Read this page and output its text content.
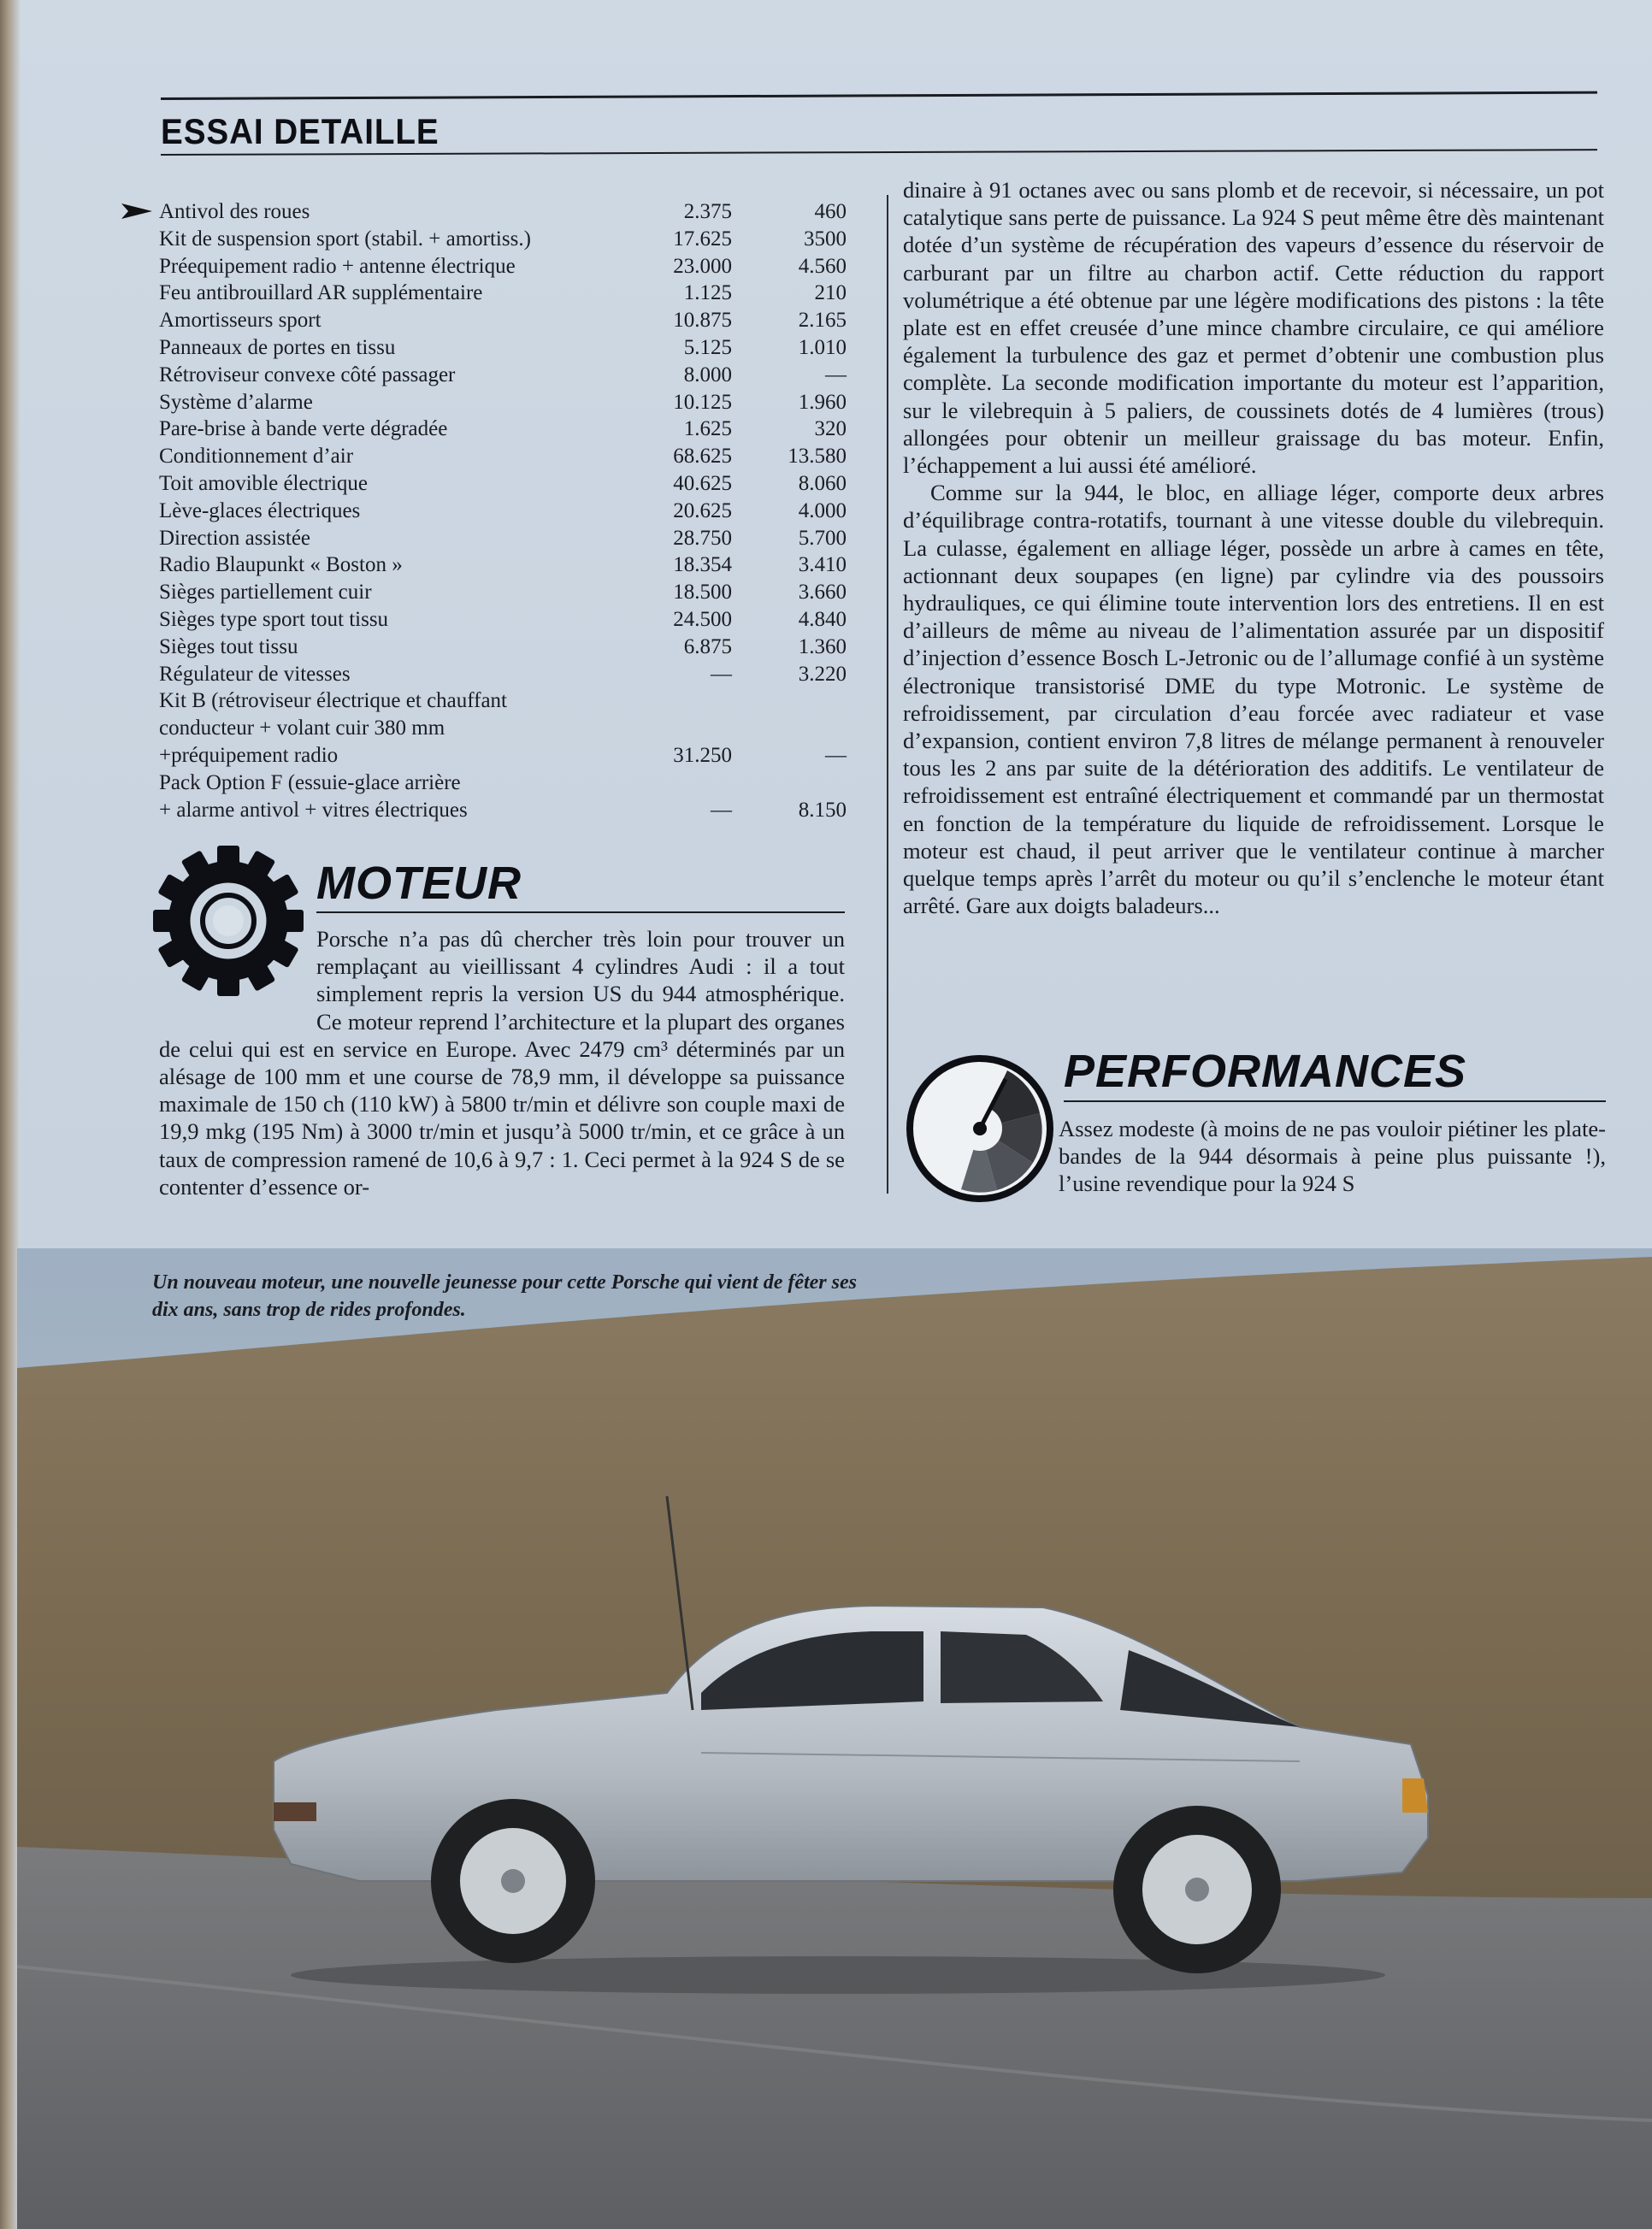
ESSAI DETAILLE
Antivol des roues	2.375	460
Kit de suspension sport (stabil. + amortiss.)	17.625	3500
Préequipement radio + antenne électrique	23.000	4.560
Feu antibrouillard AR supplémentaire	1.125	210
Amortisseurs sport	10.875	2.165
Panneaux de portes en tissu	5.125	1.010
Rétroviseur convexe côté passager	8.000	—
Système d’alarme	10.125	1.960
Pare-brise à bande verte dégradée	1.625	320
Conditionnement d’air	68.625	13.580
Toit amovible électrique	40.625	8.060
Lève-glaces électriques	20.625	4.000
Direction assistée	28.750	5.700
Radio Blaupunkt « Boston »	18.354	3.410
Sièges partiellement cuir	18.500	3.660
Sièges type sport tout tissu	24.500	4.840
Sièges tout tissu	6.875	1.360
Régulateur de vitesses	—	3.220
Kit B (rétroviseur électrique et chauffant
conducteur + volant cuir 380 mm
+préquipement radio	31.250	—
Pack Option F (essuie-glace arrière
+ alarme antivol + vitres électriques	—	8.150

dinaire à 91 octanes avec ou sans plomb et de recevoir, si nécessaire, un pot catalytique sans perte de puissance. La 924 S peut même être dès maintenant dotée d’un système de récupération des vapeurs d’essence du réservoir de carburant par un filtre au charbon actif. Cette réduction du rapport volumétrique a été obtenue par une légère modifications des pistons : la tête plate est en effet creusée d’une mince chambre circulaire, ce qui améliore également la turbulence des gaz et permet d’obtenir une combustion plus complète. La seconde modification importante du moteur est l’apparition, sur le vilebrequin à 5 paliers, de coussinets dotés de 4 lumières (trous) allongées pour obtenir un meilleur graissage du bas moteur. Enfin, l’échappement a lui aussi été amélioré.

Comme sur la 944, le bloc, en alliage léger, comporte deux arbres d’équilibrage contra-rotatifs, tournant à une vitesse double du vilebrequin. La culasse, également en alliage léger, possède un arbre à cames en tête, actionnant deux soupapes (en ligne) par cylindre via des poussoirs hydrauliques, ce qui élimine toute intervention lors des entretiens. Il en est d’ailleurs de même au niveau de l’alimentation assurée par un dispositif d’injection d’essence Bosch L-Jetronic ou de l’allumage confié à un système électronique transistorisé DME du type Motronic. Le système de refroidissement, par circulation d’eau forcée avec radiateur et vase d’expansion, contient environ 7,8 litres de mélange permanent à renouveler tous les 2 ans par suite de la détérioration des additifs. Le ventilateur de refroidissement est entraîné électriquement et commandé par un thermostat en fonction de la température du liquide de refroidissement. Lorsque le moteur est chaud, il peut arriver que le ventilateur continue à marcher quelque temps après l’arrêt du moteur ou qu’il s’enclenche le moteur étant arrêté. Gare aux doigts baladeurs...

MOTEUR

Porsche n’a pas dû chercher très loin pour trouver un remplaçant au vieillissant 4 cylindres Audi : il a tout simplement repris la version US du 944 atmosphérique. Ce moteur reprend l’architecture et la plupart des organes de celui qui est en service en Europe. Avec 2479 cm³ déterminés par un alésage de 100 mm et une course de 78,9 mm, il développe sa puissance maximale de 150 ch (110 kW) à 5800 tr/min et délivre son couple maxi de 19,9 mkg (195 Nm) à 3000 tr/min et jusqu’à 5000 tr/min, et ce grâce à un taux de compression ramené de 10,6 à 9,7 : 1. Ceci permet à la 924 S de se contenter d’essence or-

PERFORMANCES

Assez modeste (à moins de ne pas vouloir piétiner les plate-bandes de la 944 désormais à peine plus puissante !), l’usine revendique pour la 924 S

Un nouveau moteur, une nouvelle jeunesse pour cette Porsche qui vient de fêter ses dix ans, sans trop de rides profondes.
